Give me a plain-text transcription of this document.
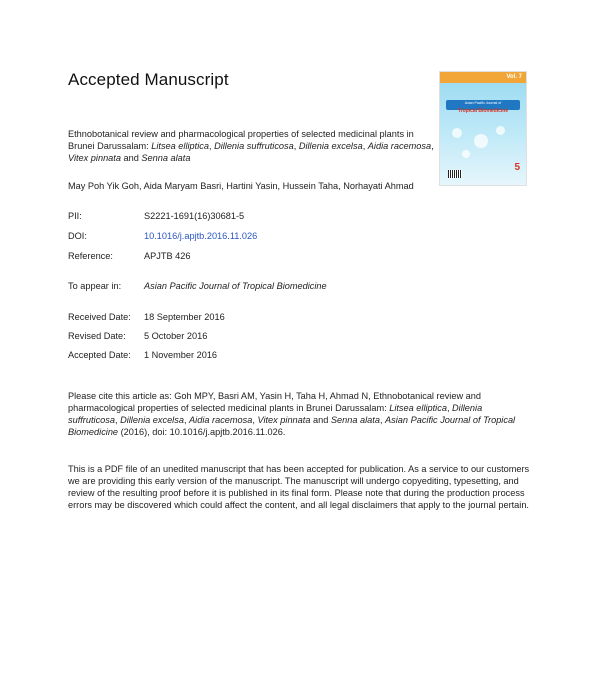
Accepted Manuscript	Vol. 7
Asian Pacific Journal of
Tropical Biomedicine
5
Ethnobotanical review and pharmacological properties of selected medicinal plants in Brunei Darussalam: Litsea elliptica, Dillenia suffruticosa, Dillenia excelsa, Aidia racemosa, Vitex pinnata and Senna alata
May Poh Yik Goh, Aida Maryam Basri, Hartini Yasin, Hussein Taha, Norhayati Ahmad
PII:	S2221-1691(16)30681-5
DOI:	10.1016/j.apjtb.2016.11.026
Reference:	APJTB 426
To appear in: Asian Pacific Journal of Tropical Biomedicine
Received Date: 18 September 2016
Revised Date: 5 October 2016
Accepted Date: 1 November 2016
Please cite this article as: Goh MPY, Basri AM, Yasin H, Taha H, Ahmad N, Ethnobotanical review and pharmacological properties of selected medicinal plants in Brunei Darussalam: Litsea elliptica, Dillenia suffruticosa, Dillenia excelsa, Aidia racemosa, Vitex pinnata and Senna alata, Asian Pacific Journal of Tropical Biomedicine (2016), doi: 10.1016/j.apjtb.2016.11.026.
This is a PDF file of an unedited manuscript that has been accepted for publication. As a service to our customers we are providing this early version of the manuscript. The manuscript will undergo copyediting, typesetting, and review of the resulting proof before it is published in its final form. Please note that during the production process errors may be discovered which could affect the content, and all legal disclaimers that apply to the journal pertain.
